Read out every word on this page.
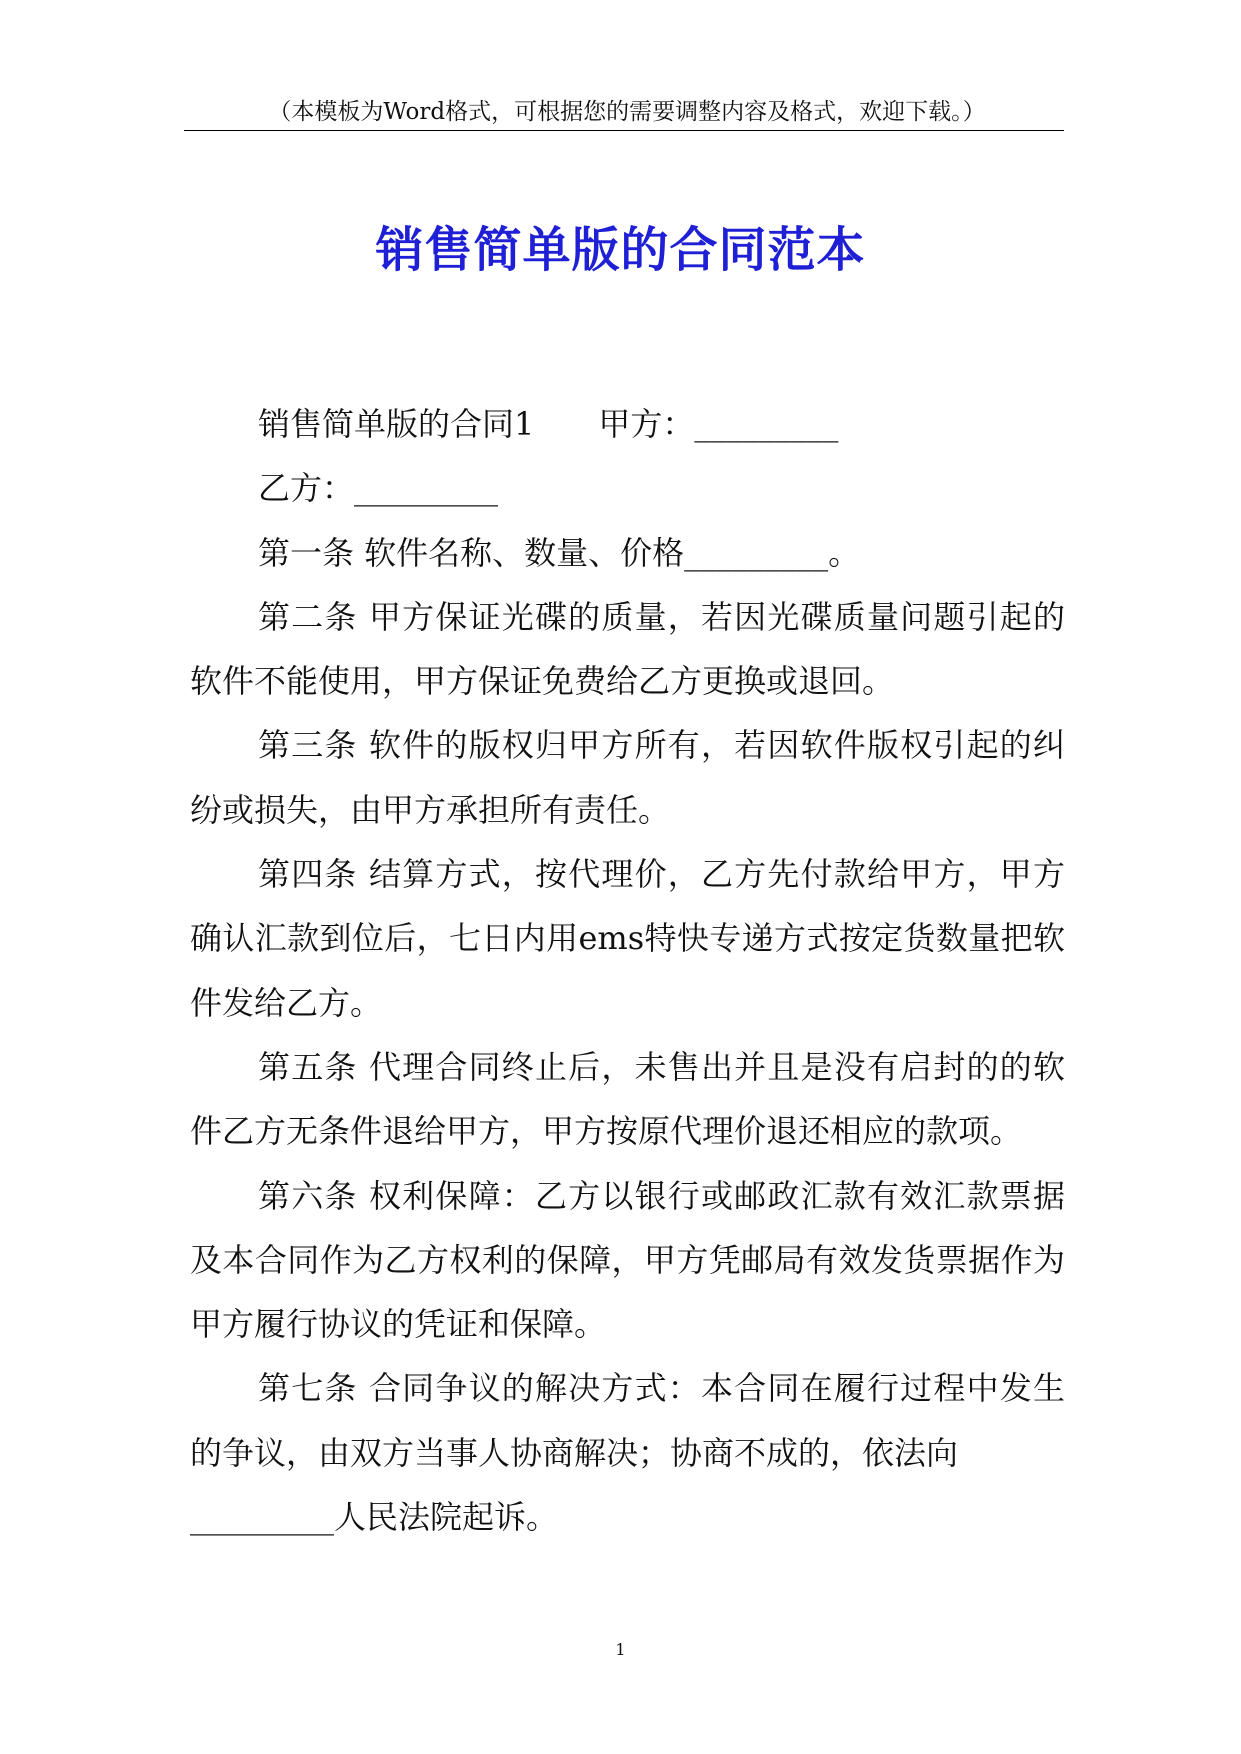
（本模板为Word格式，可根据您的需要调整内容及格式，欢迎下载。）
销售简单版的合同范本

销售简单版的合同1 甲方：_________

乙方：_________

第一条 软件名称、数量、价格_________。

第二条 甲方保证光碟的质量，若因光碟质量问题引起的软件不能使用，甲方保证免费给乙方更换或退回。

第三条 软件的版权归甲方所有，若因软件版权引起的纠纷或损失，由甲方承担所有责任。

第四条 结算方式，按代理价，乙方先付款给甲方，甲方确认汇款到位后，七日内用ems特快专递方式按定货数量把软件发给乙方。

第五条 代理合同终止后，未售出并且是没有启封的的软件乙方无条件退给甲方，甲方按原代理价退还相应的款项。

第六条 权利保障：乙方以银行或邮政汇款有效汇款票据及本合同作为乙方权利的保障，甲方凭邮局有效发货票据作为甲方履行协议的凭证和保障。

第七条 合同争议的解决方式：本合同在履行过程中发生的争议，由双方当事人协商解决；协商不成的，依法向

_________人民法院起诉。

1
